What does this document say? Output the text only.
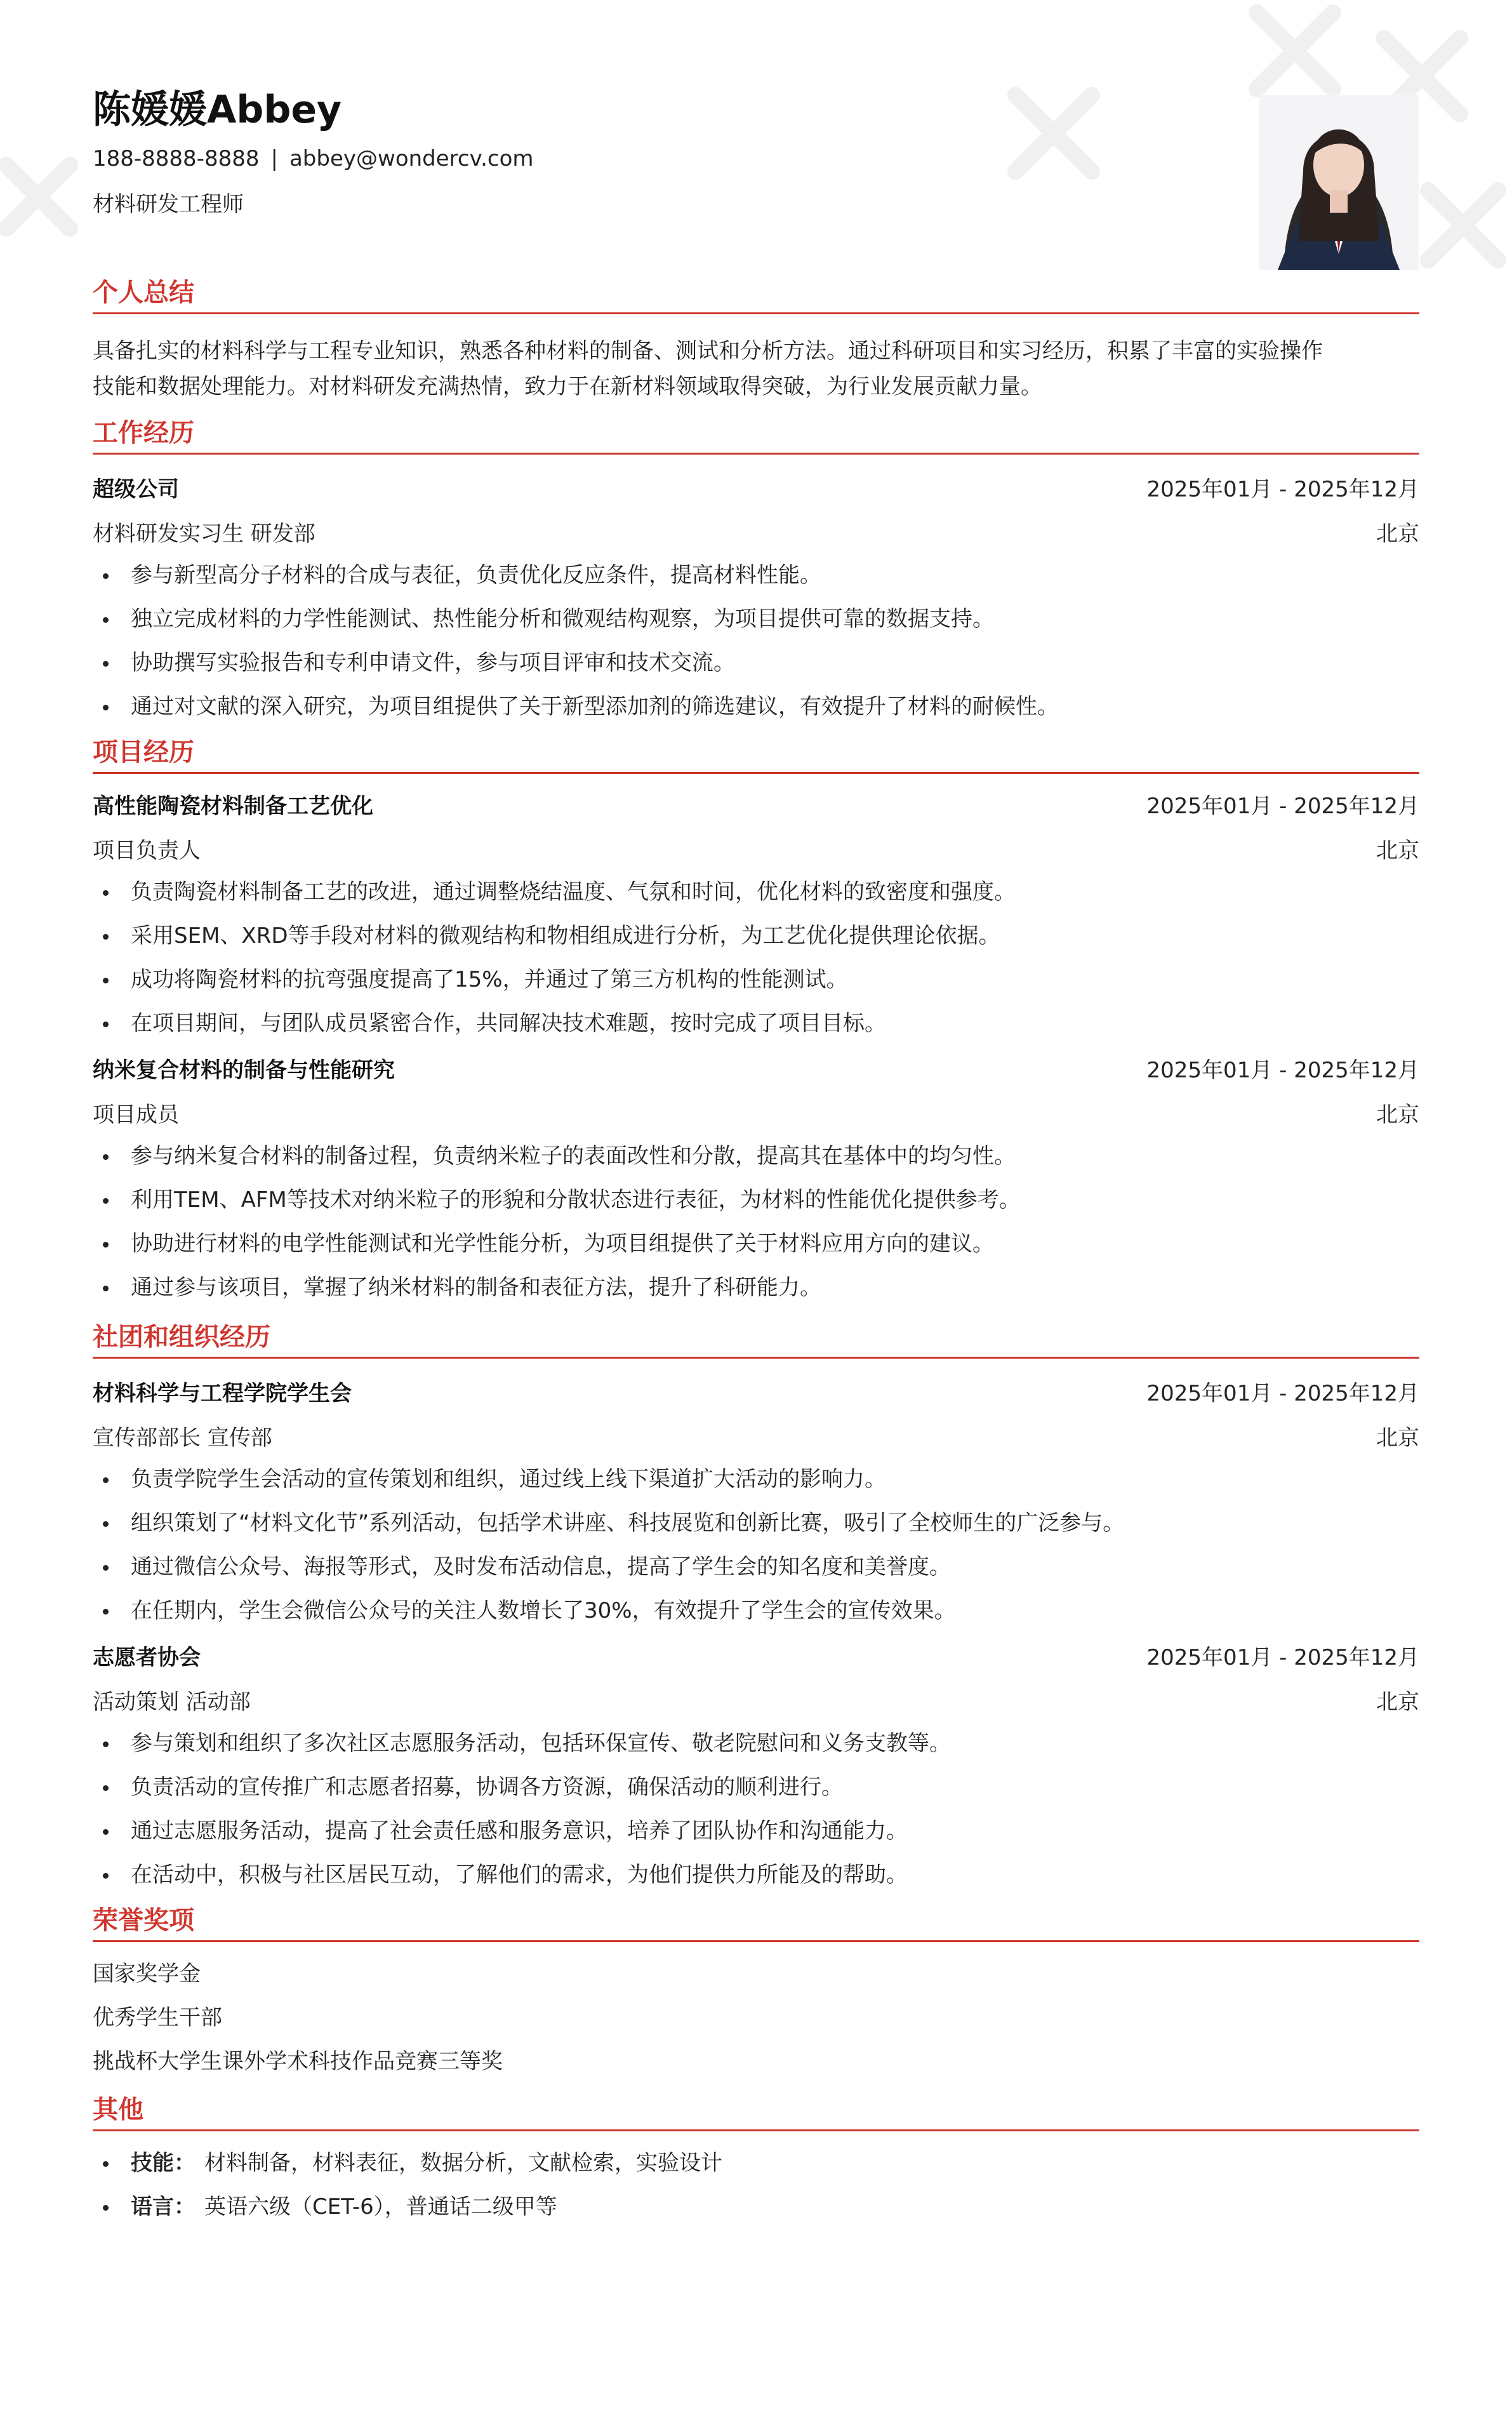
陈媛媛Abbey
188-8888-8888 | abbey@wondercv.com
材料研发工程师
个人总结
具备扎实的材料科学与工程专业知识，熟悉各种材料的制备、测试和分析方法。通过科研项目和实习经历，积累了丰富的实验操作
技能和数据处理能力。对材料研发充满热情，致力于在新材料领域取得突破，为行业发展贡献力量。
工作经历
超级公司	2025年01月 - 2025年12月
材料研发实习生 研发部	北京
参与新型高分子材料的合成与表征，负责优化反应条件，提高材料性能。
独立完成材料的力学性能测试、热性能分析和微观结构观察，为项目提供可靠的数据支持。
协助撰写实验报告和专利申请文件，参与项目评审和技术交流。
通过对文献的深入研究，为项目组提供了关于新型添加剂的筛选建议，有效提升了材料的耐候性。
项目经历
高性能陶瓷材料制备工艺优化	2025年01月 - 2025年12月
项目负责人	北京
负责陶瓷材料制备工艺的改进，通过调整烧结温度、气氛和时间，优化材料的致密度和强度。
采用SEM、XRD等手段对材料的微观结构和物相组成进行分析，为工艺优化提供理论依据。
成功将陶瓷材料的抗弯强度提高了15%，并通过了第三方机构的性能测试。
在项目期间，与团队成员紧密合作，共同解决技术难题，按时完成了项目目标。
纳米复合材料的制备与性能研究	2025年01月 - 2025年12月
项目成员	北京
参与纳米复合材料的制备过程，负责纳米粒子的表面改性和分散，提高其在基体中的均匀性。
利用TEM、AFM等技术对纳米粒子的形貌和分散状态进行表征，为材料的性能优化提供参考。
协助进行材料的电学性能测试和光学性能分析，为项目组提供了关于材料应用方向的建议。
通过参与该项目，掌握了纳米材料的制备和表征方法，提升了科研能力。
社团和组织经历
材料科学与工程学院学生会	2025年01月 - 2025年12月
宣传部部长 宣传部	北京
负责学院学生会活动的宣传策划和组织，通过线上线下渠道扩大活动的影响力。
组织策划了“材料文化节”系列活动，包括学术讲座、科技展览和创新比赛，吸引了全校师生的广泛参与。
通过微信公众号、海报等形式，及时发布活动信息，提高了学生会的知名度和美誉度。
在任期内，学生会微信公众号的关注人数增长了30%，有效提升了学生会的宣传效果。
志愿者协会	2025年01月 - 2025年12月
活动策划 活动部	北京
参与策划和组织了多次社区志愿服务活动，包括环保宣传、敬老院慰问和义务支教等。
负责活动的宣传推广和志愿者招募，协调各方资源，确保活动的顺利进行。
通过志愿服务活动，提高了社会责任感和服务意识，培养了团队协作和沟通能力。
在活动中，积极与社区居民互动，了解他们的需求，为他们提供力所能及的帮助。
荣誉奖项
国家奖学金
优秀学生干部
挑战杯大学生课外学术科技作品竞赛三等奖
其他
技能： 材料制备，材料表征，数据分析，文献检索，实验设计
语言： 英语六级（CET-6），普通话二级甲等
